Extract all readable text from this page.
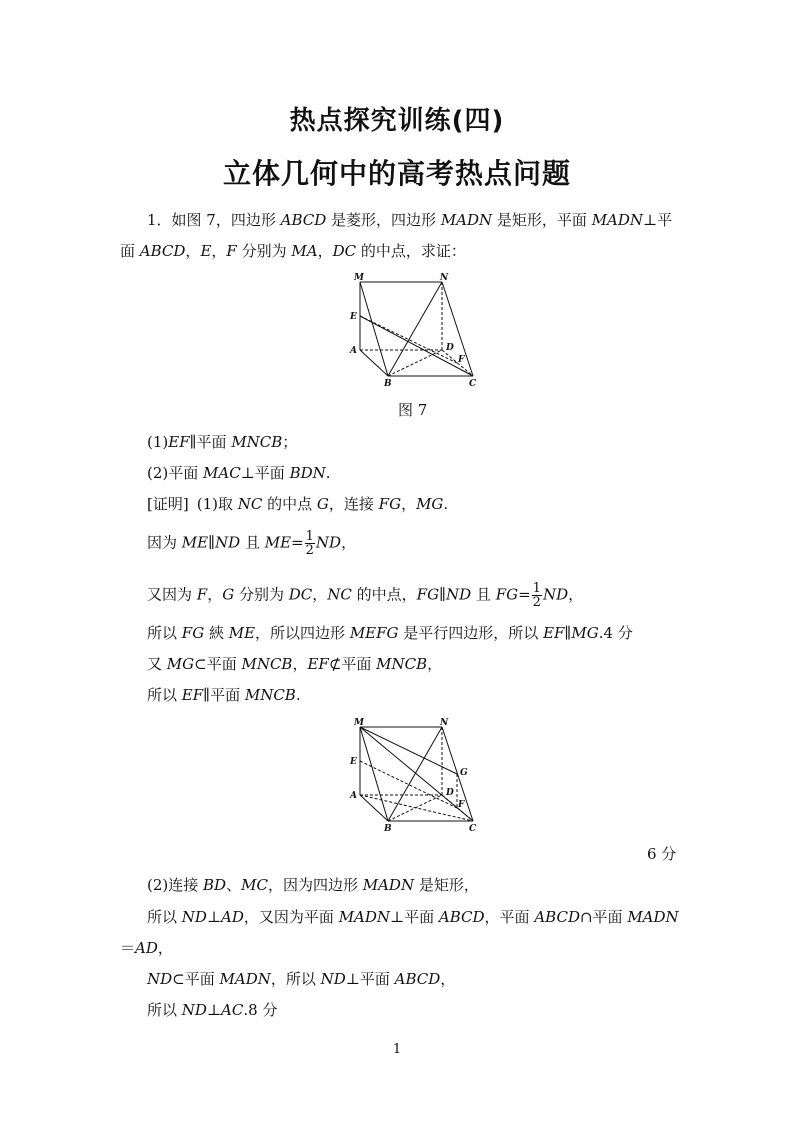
热点探究训练(四)
立体几何中的高考热点问题
1．如图 7，四边形 ABCD 是菱形，四边形 MADN 是矩形，平面 MADN⊥平
面 ABCD，E，F 分别为 MA，DC 的中点，求证：
M	N
E
A	D
F
B	C
图 7
(1)EF∥平面 MNCB；
(2)平面 MAC⊥平面 BDN.
[证明] (1)取 NC 的中点 G，连接 FG，MG.
因为 ME∥ND 且 $ME= \frac{1}{2}$ ND，
又因为 F，G 分别为 DC，NC 的中点，FG∥ND 且 $FG= \frac{1}{2}$ ND，
所以 FG 綊 ME，所以四边形 MEFG 是平行四边形，所以 EF∥MG.4 分
又 MG⊂平面 MNCB，EF⊄平面 MNCB，
所以 EF∥平面 MNCB.
M	N
E
A	D
G
F
B	C
6 分
(2)连接 BD、MC，因为四边形 MADN 是矩形，
所以 ND⊥AD，又因为平面 MADN⊥平面 ABCD，平面 ABCD∩平面 MADN
＝AD，
ND⊂平面 MADN，所以 ND⊥平面 ABCD，
所以 ND⊥AC.8 分
1
